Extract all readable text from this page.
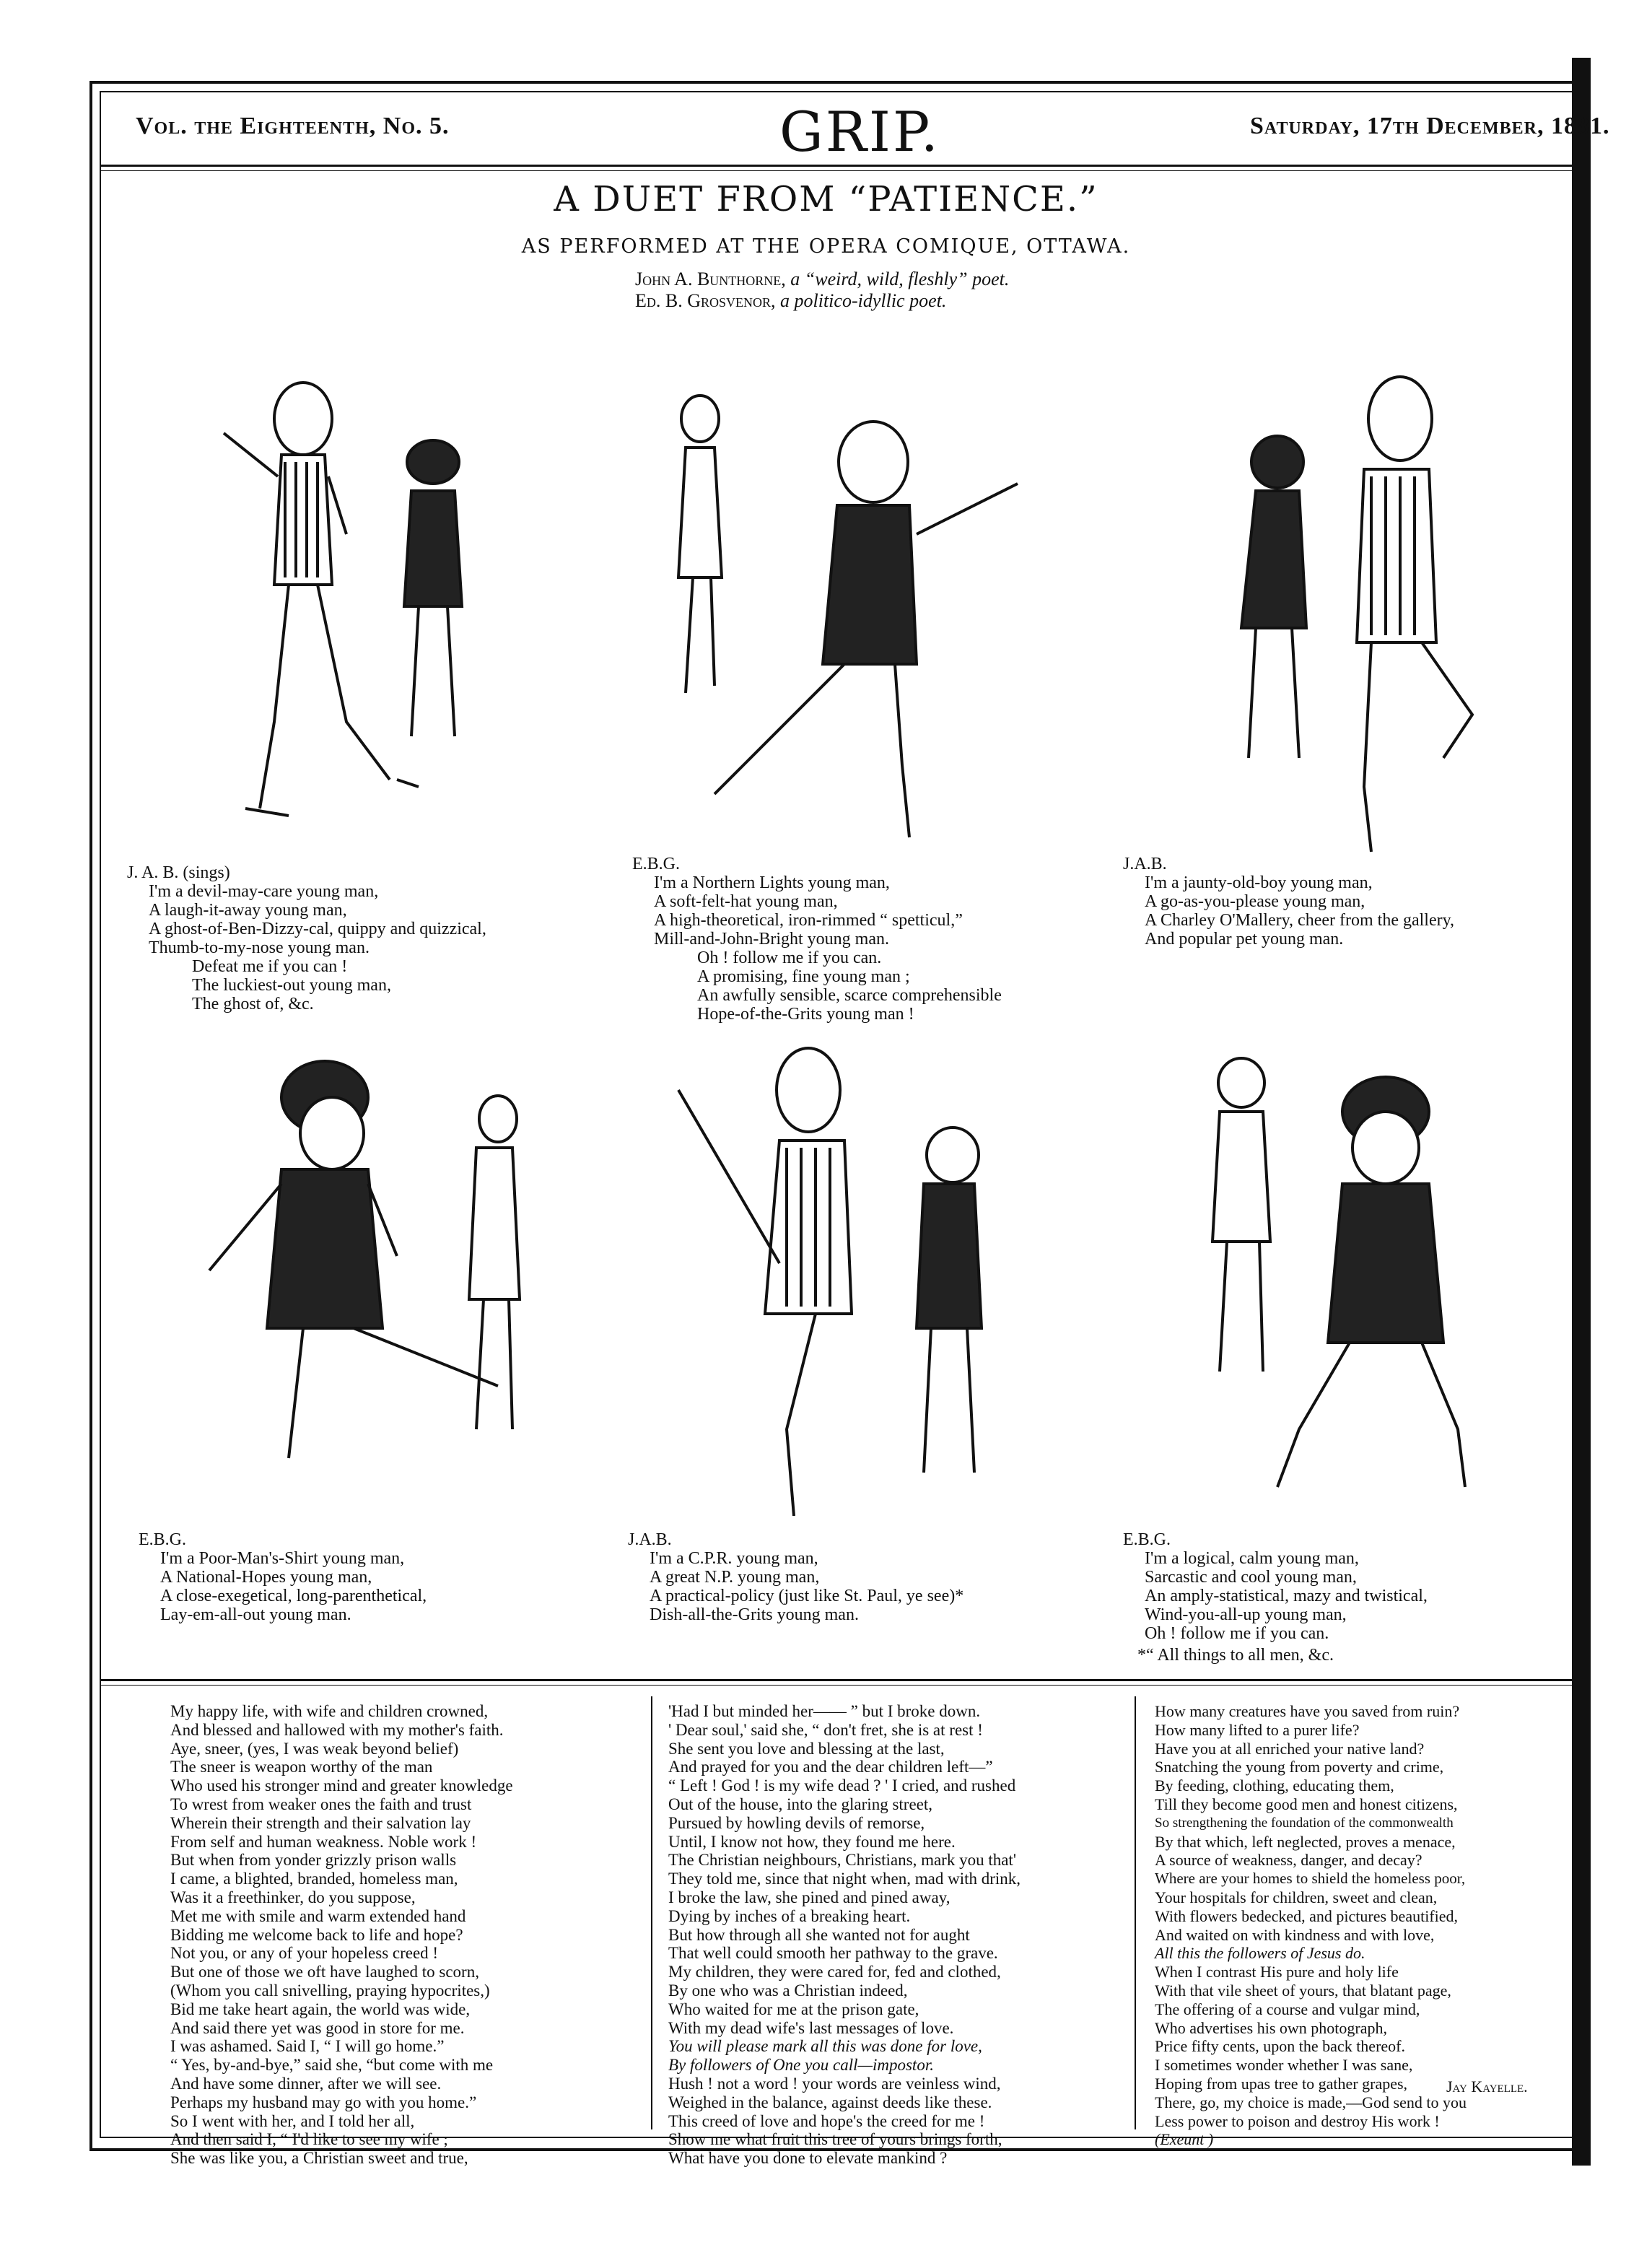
Vol. the Eighteenth, No. 5.	GRIP.	Saturday, 17th December, 1881.
A DUET FROM “PATIENCE.”
AS PERFORMED AT THE OPERA COMIQUE, OTTAWA.
John A. Bunthorne, a “weird, wild, fleshly” poet.
Ed. B. Grosvenor, a politico-idyllic poet.
J. A. B. (sings)
I'm a devil-may-care young man,
A laugh-it-away young man,
A ghost-of-Ben-Dizzy-cal, quippy and quizzical,
Thumb-to-my-nose young man.
Defeat me if you can !
The luckiest-out young man,
The ghost of, &c.
E.B.G.
I'm a Northern Lights young man,
A soft-felt-hat young man,
A high-theoretical, iron-rimmed “ spetticul,”
Mill-and-John-Bright young man.
Oh ! follow me if you can.
A promising, fine young man ;
An awfully sensible, scarce comprehensible
Hope-of-the-Grits young man !
J.A.B.
I'm a jaunty-old-boy young man,
A go-as-you-please young man,
A Charley O'Mallery, cheer from the gallery,
And popular pet young man.
E.B.G.
I'm a Poor-Man's-Shirt young man,
A National-Hopes young man,
A close-exegetical, long-parenthetical,
Lay-em-all-out young man.
J.A.B.
I'm a C.P.R. young man,
A great N.P. young man,
A practical-policy (just like St. Paul, ye see)*
Dish-all-the-Grits young man.
E.B.G.
I'm a logical, calm young man,
Sarcastic and cool young man,
An amply-statistical, mazy and twistical,
Wind-you-all-up young man,
Oh ! follow me if you can.
*“ All things to all men, &c.
My happy life, with wife and children crowned,
And blessed and hallowed with my mother's faith.
Aye, sneer, (yes, I was weak beyond belief)
The sneer is weapon worthy of the man
Who used his stronger mind and greater knowledge
To wrest from weaker ones the faith and trust
Wherein their strength and their salvation lay
From self and human weakness. Noble work !
But when from yonder grizzly prison walls
I came, a blighted, branded, homeless man,
Was it a freethinker, do you suppose,
Met me with smile and warm extended hand
Bidding me welcome back to life and hope?
Not you, or any of your hopeless creed !
But one of those we oft have laughed to scorn,
(Whom you call snivelling, praying hypocrites,)
Bid me take heart again, the world was wide,
And said there yet was good in store for me.
I was ashamed. Said I, “ I will go home.”
“ Yes, by-and-bye,” said she, “but come with me
And have some dinner, after we will see.
Perhaps my husband may go with you home.”
So I went with her, and I told her all,
And then said I, “ I'd like to see my wife ;
She was like you, a Christian sweet and true,
'Had I but minded her—— ” but I broke down.
' Dear soul,' said she, “ don't fret, she is at rest !
She sent you love and blessing at the last,
And prayed for you and the dear children left—”
“ Left ! God ! is my wife dead ? ' I cried, and rushed
Out of the house, into the glaring street,
Pursued by howling devils of remorse,
Until, I know not how, they found me here.
The Christian neighbours, Christians, mark you that'
They told me, since that night when, mad with drink,
I broke the law, she pined and pined away,
Dying by inches of a breaking heart.
But how through all she wanted not for aught
That well could smooth her pathway to the grave.
My children, they were cared for, fed and clothed,
By one who was a Christian indeed,
Who waited for me at the prison gate,
With my dead wife's last messages of love.
You will please mark all this was done for love,
By followers of One you call—impostor.
Hush ! not a word ! your words are veinless wind,
Weighed in the balance, against deeds like these.
This creed of love and hope's the creed for me !
Show me what fruit this tree of yours brings forth,
What have you done to elevate mankind ?
How many creatures have you saved from ruin?
How many lifted to a purer life?
Have you at all enriched your native land?
Snatching the young from poverty and crime,
By feeding, clothing, educating them,
Till they become good men and honest citizens,
So strengthening the foundation of the commonwealth
By that which, left neglected, proves a menace,
A source of weakness, danger, and decay?
Where are your homes to shield the homeless poor,
Your hospitals for children, sweet and clean,
With flowers bedecked, and pictures beautified,
And waited on with kindness and with love,
All this the followers of Jesus do.
When I contrast His pure and holy life
With that vile sheet of yours, that blatant page,
The offering of a course and vulgar mind,
Who advertises his own photograph,
Price fifty cents, upon the back thereof.
I sometimes wonder whether I was sane,
Hoping from upas tree to gather grapes,
There, go, my choice is made,—God send to you
Less power to poison and destroy His work !
(Exeunt )
Jay Kayelle.
